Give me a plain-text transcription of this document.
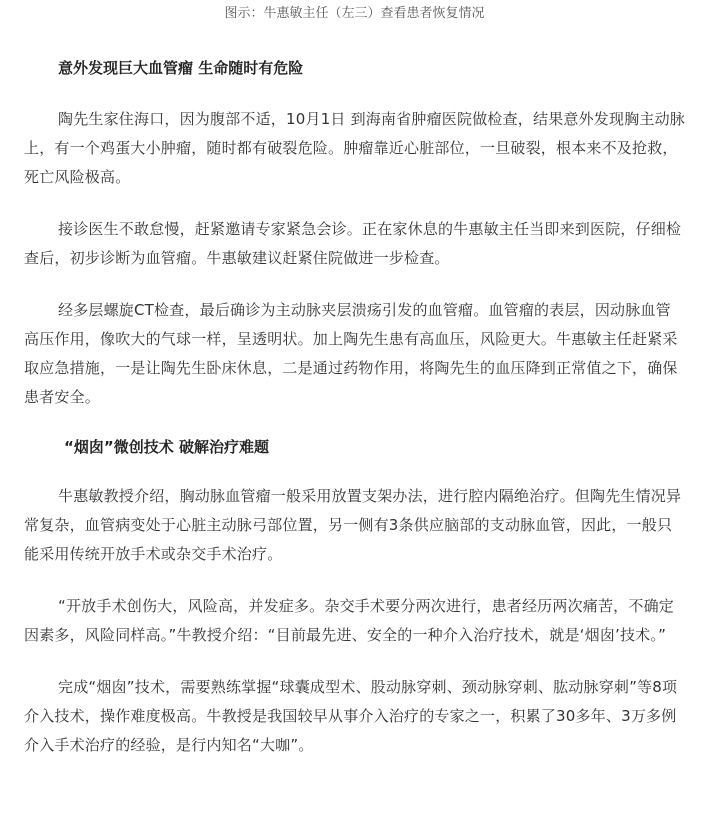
图示：牛惠敏主任（左三）查看患者恢复情况

意外发现巨大血管瘤 生命随时有危险

陶先生家住海口，因为腹部不适，10月1日 到海南省肿瘤医院做检查，结果意外发现胸主动脉上，有一个鸡蛋大小肿瘤，随时都有破裂危险。肿瘤靠近心脏部位，一旦破裂，根本来不及抢救，死亡风险极高。

接诊医生不敢怠慢，赶紧邀请专家紧急会诊。正在家休息的牛惠敏主任当即来到医院，仔细检查后，初步诊断为血管瘤。牛惠敏建议赶紧住院做进一步检查。

经多层螺旋CT检查，最后确诊为主动脉夹层溃疡引发的血管瘤。血管瘤的表层，因动脉血管高压作用，像吹大的气球一样，呈透明状。加上陶先生患有高血压，风险更大。牛惠敏主任赶紧采取应急措施，一是让陶先生卧床休息，二是通过药物作用，将陶先生的血压降到正常值之下，确保患者安全。

“烟囱”微创技术 破解治疗难题

牛惠敏教授介绍，胸动脉血管瘤一般采用放置支架办法，进行腔内隔绝治疗。但陶先生情况异常复杂，血管病变处于心脏主动脉弓部位置，另一侧有3条供应脑部的支动脉血管，因此，一般只能采用传统开放手术或杂交手术治疗。

“开放手术创伤大，风险高，并发症多。杂交手术要分两次进行，患者经历两次痛苦，不确定因素多，风险同样高。”牛教授介绍：“目前最先进、安全的一种介入治疗技术，就是‘烟囱’技术。”

完成“烟囱”技术，需要熟练掌握“球囊成型术、股动脉穿刺、颈动脉穿刺、肱动脉穿刺”等8项介入技术，操作难度极高。牛教授是我国较早从事介入治疗的专家之一，积累了30多年、3万多例介入手术治疗的经验，是行内知名“大咖”。
